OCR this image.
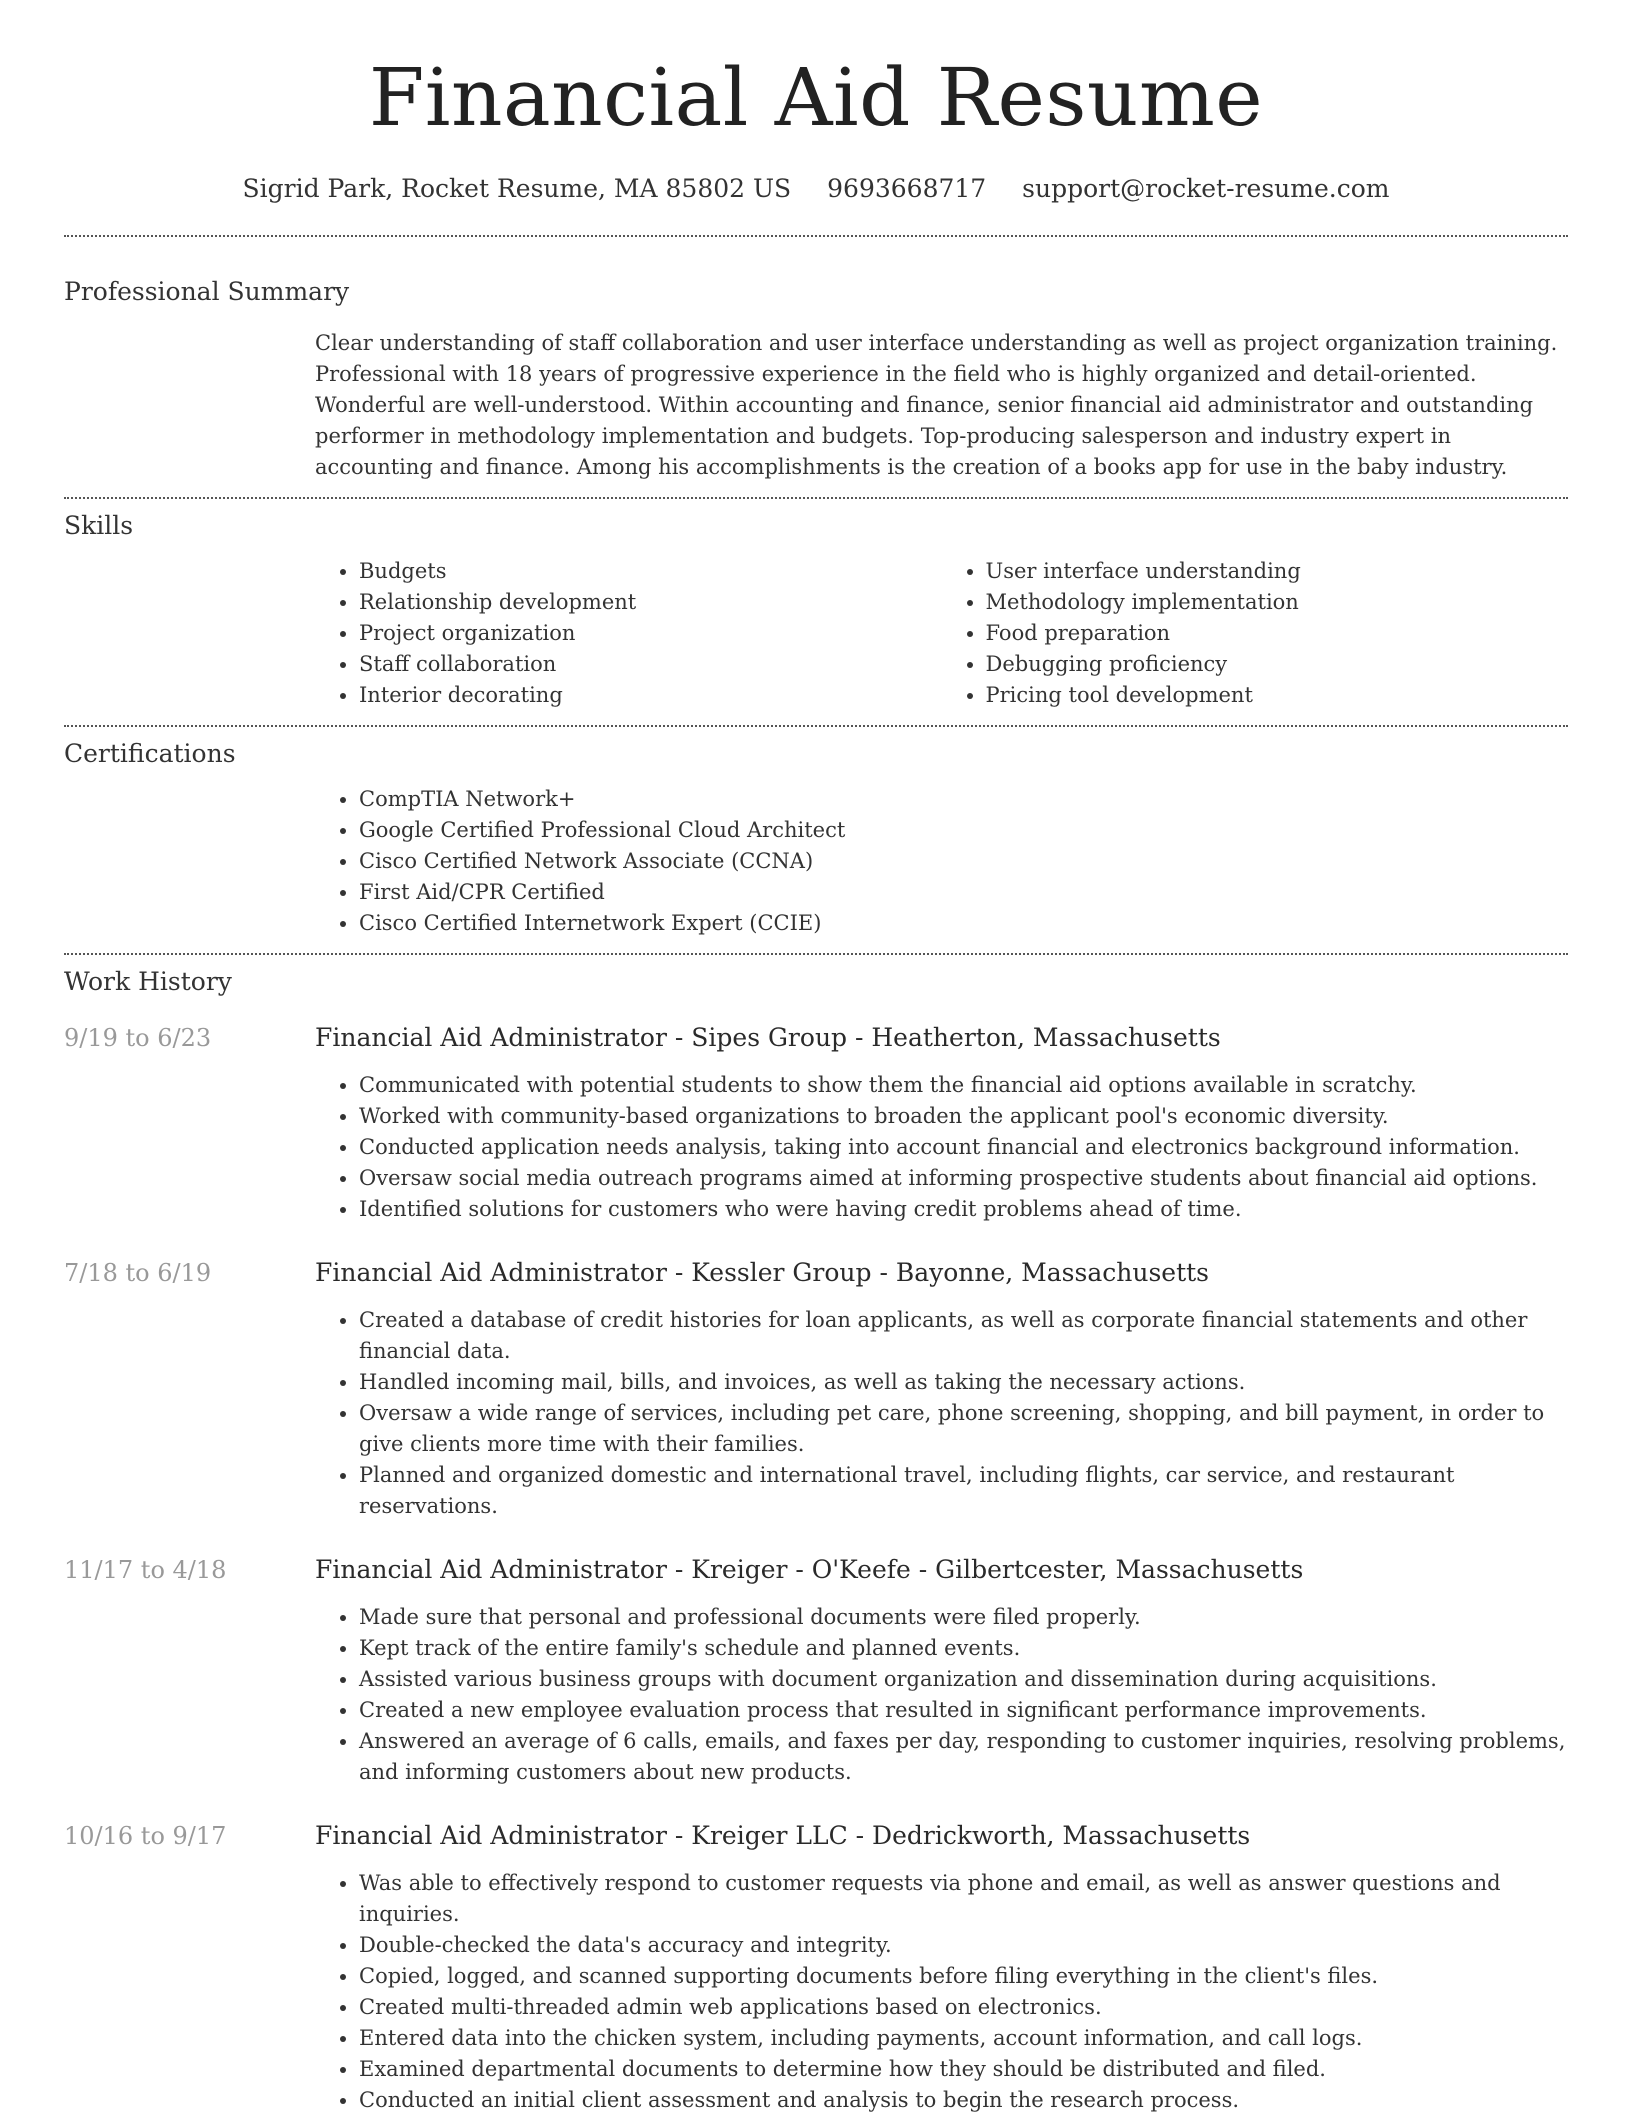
Financial Aid Resume
Sigrid Park, Rocket Resume, MA 85802 US 9693668717 support@rocket-resume.com
Professional Summary
Clear understanding of staff collaboration and user interface understanding as well as project organization training. Professional with 18 years of progressive experience in the field who is highly organized and detail-oriented. Wonderful are well-understood. Within accounting and finance, senior financial aid administrator and outstanding performer in methodology implementation and budgets. Top-producing salesperson and industry expert in accounting and finance. Among his accomplishments is the creation of a books app for use in the baby industry.
Skills
• Budgets
• Relationship development
• Project organization
• Staff collaboration
• Interior decorating
• User interface understanding
• Methodology implementation
• Food preparation
• Debugging proficiency
• Pricing tool development
Certifications
• CompTIA Network+
• Google Certified Professional Cloud Architect
• Cisco Certified Network Associate (CCNA)
• First Aid/CPR Certified
• Cisco Certified Internetwork Expert (CCIE)
Work History
9/19 to 6/23	Financial Aid Administrator - Sipes Group - Heatherton, Massachusetts
• Communicated with potential students to show them the financial aid options available in scratchy.
• Worked with community-based organizations to broaden the applicant pool's economic diversity.
• Conducted application needs analysis, taking into account financial and electronics background information.
• Oversaw social media outreach programs aimed at informing prospective students about financial aid options.
• Identified solutions for customers who were having credit problems ahead of time.
7/18 to 6/19	Financial Aid Administrator - Kessler Group - Bayonne, Massachusetts
• Created a database of credit histories for loan applicants, as well as corporate financial statements and other financial data.
• Handled incoming mail, bills, and invoices, as well as taking the necessary actions.
• Oversaw a wide range of services, including pet care, phone screening, shopping, and bill payment, in order to give clients more time with their families.
• Planned and organized domestic and international travel, including flights, car service, and restaurant reservations.
11/17 to 4/18	Financial Aid Administrator - Kreiger - O'Keefe - Gilbertcester, Massachusetts
• Made sure that personal and professional documents were filed properly.
• Kept track of the entire family's schedule and planned events.
• Assisted various business groups with document organization and dissemination during acquisitions.
• Created a new employee evaluation process that resulted in significant performance improvements.
• Answered an average of 6 calls, emails, and faxes per day, responding to customer inquiries, resolving problems, and informing customers about new products.
10/16 to 9/17	Financial Aid Administrator - Kreiger LLC - Dedrickworth, Massachusetts
• Was able to effectively respond to customer requests via phone and email, as well as answer questions and inquiries.
• Double-checked the data's accuracy and integrity.
• Copied, logged, and scanned supporting documents before filing everything in the client's files.
• Created multi-threaded admin web applications based on electronics.
• Entered data into the chicken system, including payments, account information, and call logs.
• Examined departmental documents to determine how they should be distributed and filed.
• Conducted an initial client assessment and analysis to begin the research process.
